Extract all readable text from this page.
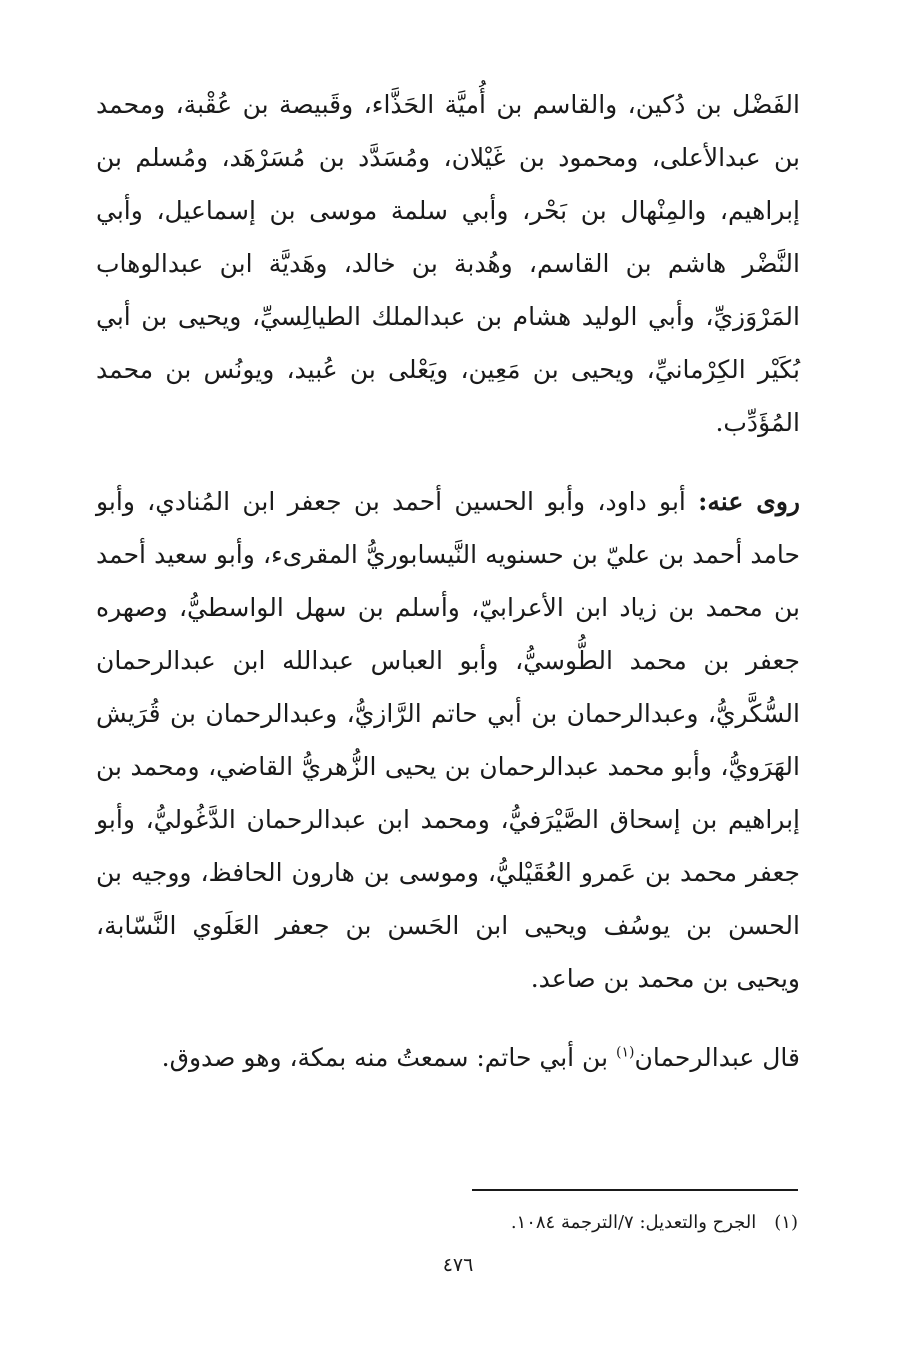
الفَضْل بن دُكين، والقاسم بن أُميَّة الحَذَّاء، وقَبيصة بن عُقْبة، ومحمد بن عبدالأعلى، ومحمود بن غَيْلان، ومُسَدَّد بن مُسَرْهَد، ومُسلم بن إبراهيم، والمِنْهال بن بَحْر، وأبي سلمة موسى بن إسماعيل، وأبي النَّضْر هاشم بن القاسم، وهُدبة بن خالد، وهَديَّة ابن عبدالوهاب المَرْوَزيِّ، وأبي الوليد هشام بن عبدالملك الطيالِسيِّ، ويحيى بن أبي بُكَيْر الكِرْمانيِّ، ويحيى بن مَعِين، ويَعْلى بن عُبيد، ويونُس بن محمد المُؤَدِّب.

روى عنه: أبو داود، وأبو الحسين أحمد بن جعفر ابن المُنادي، وأبو حامد أحمد بن عليّ بن حسنويه النَّيسابوريُّ المقرىء، وأبو سعيد أحمد بن محمد بن زياد ابن الأعرابيّ، وأسلم بن سهل الواسطيُّ، وصهره جعفر بن محمد الطُّوسيُّ، وأبو العباس عبدالله ابن عبدالرحمان السُّكَّريُّ، وعبدالرحمان بن أبي حاتم الرَّازيُّ، وعبدالرحمان بن قُرَيش الهَرَويُّ، وأبو محمد عبدالرحمان بن يحيى الزُّهريُّ القاضي، ومحمد بن إبراهيم بن إسحاق الصَّيْرَفيُّ، ومحمد ابن عبدالرحمان الدَّغُوليُّ، وأبو جعفر محمد بن عَمرو العُقَيْليُّ، وموسى بن هارون الحافظ، ووجيه بن الحسن بن يوسُف ويحيى ابن الحَسن بن جعفر العَلَوي النَّسّابة، ويحيى بن محمد بن صاعد.

قال عبدالرحمان$^{(١)}$ بن أبي حاتم: سمعتُ منه بمكة، وهو صدوق.

(١)الجرح والتعديل: ٧/الترجمة ١٠٨٤.
٤٧٦
